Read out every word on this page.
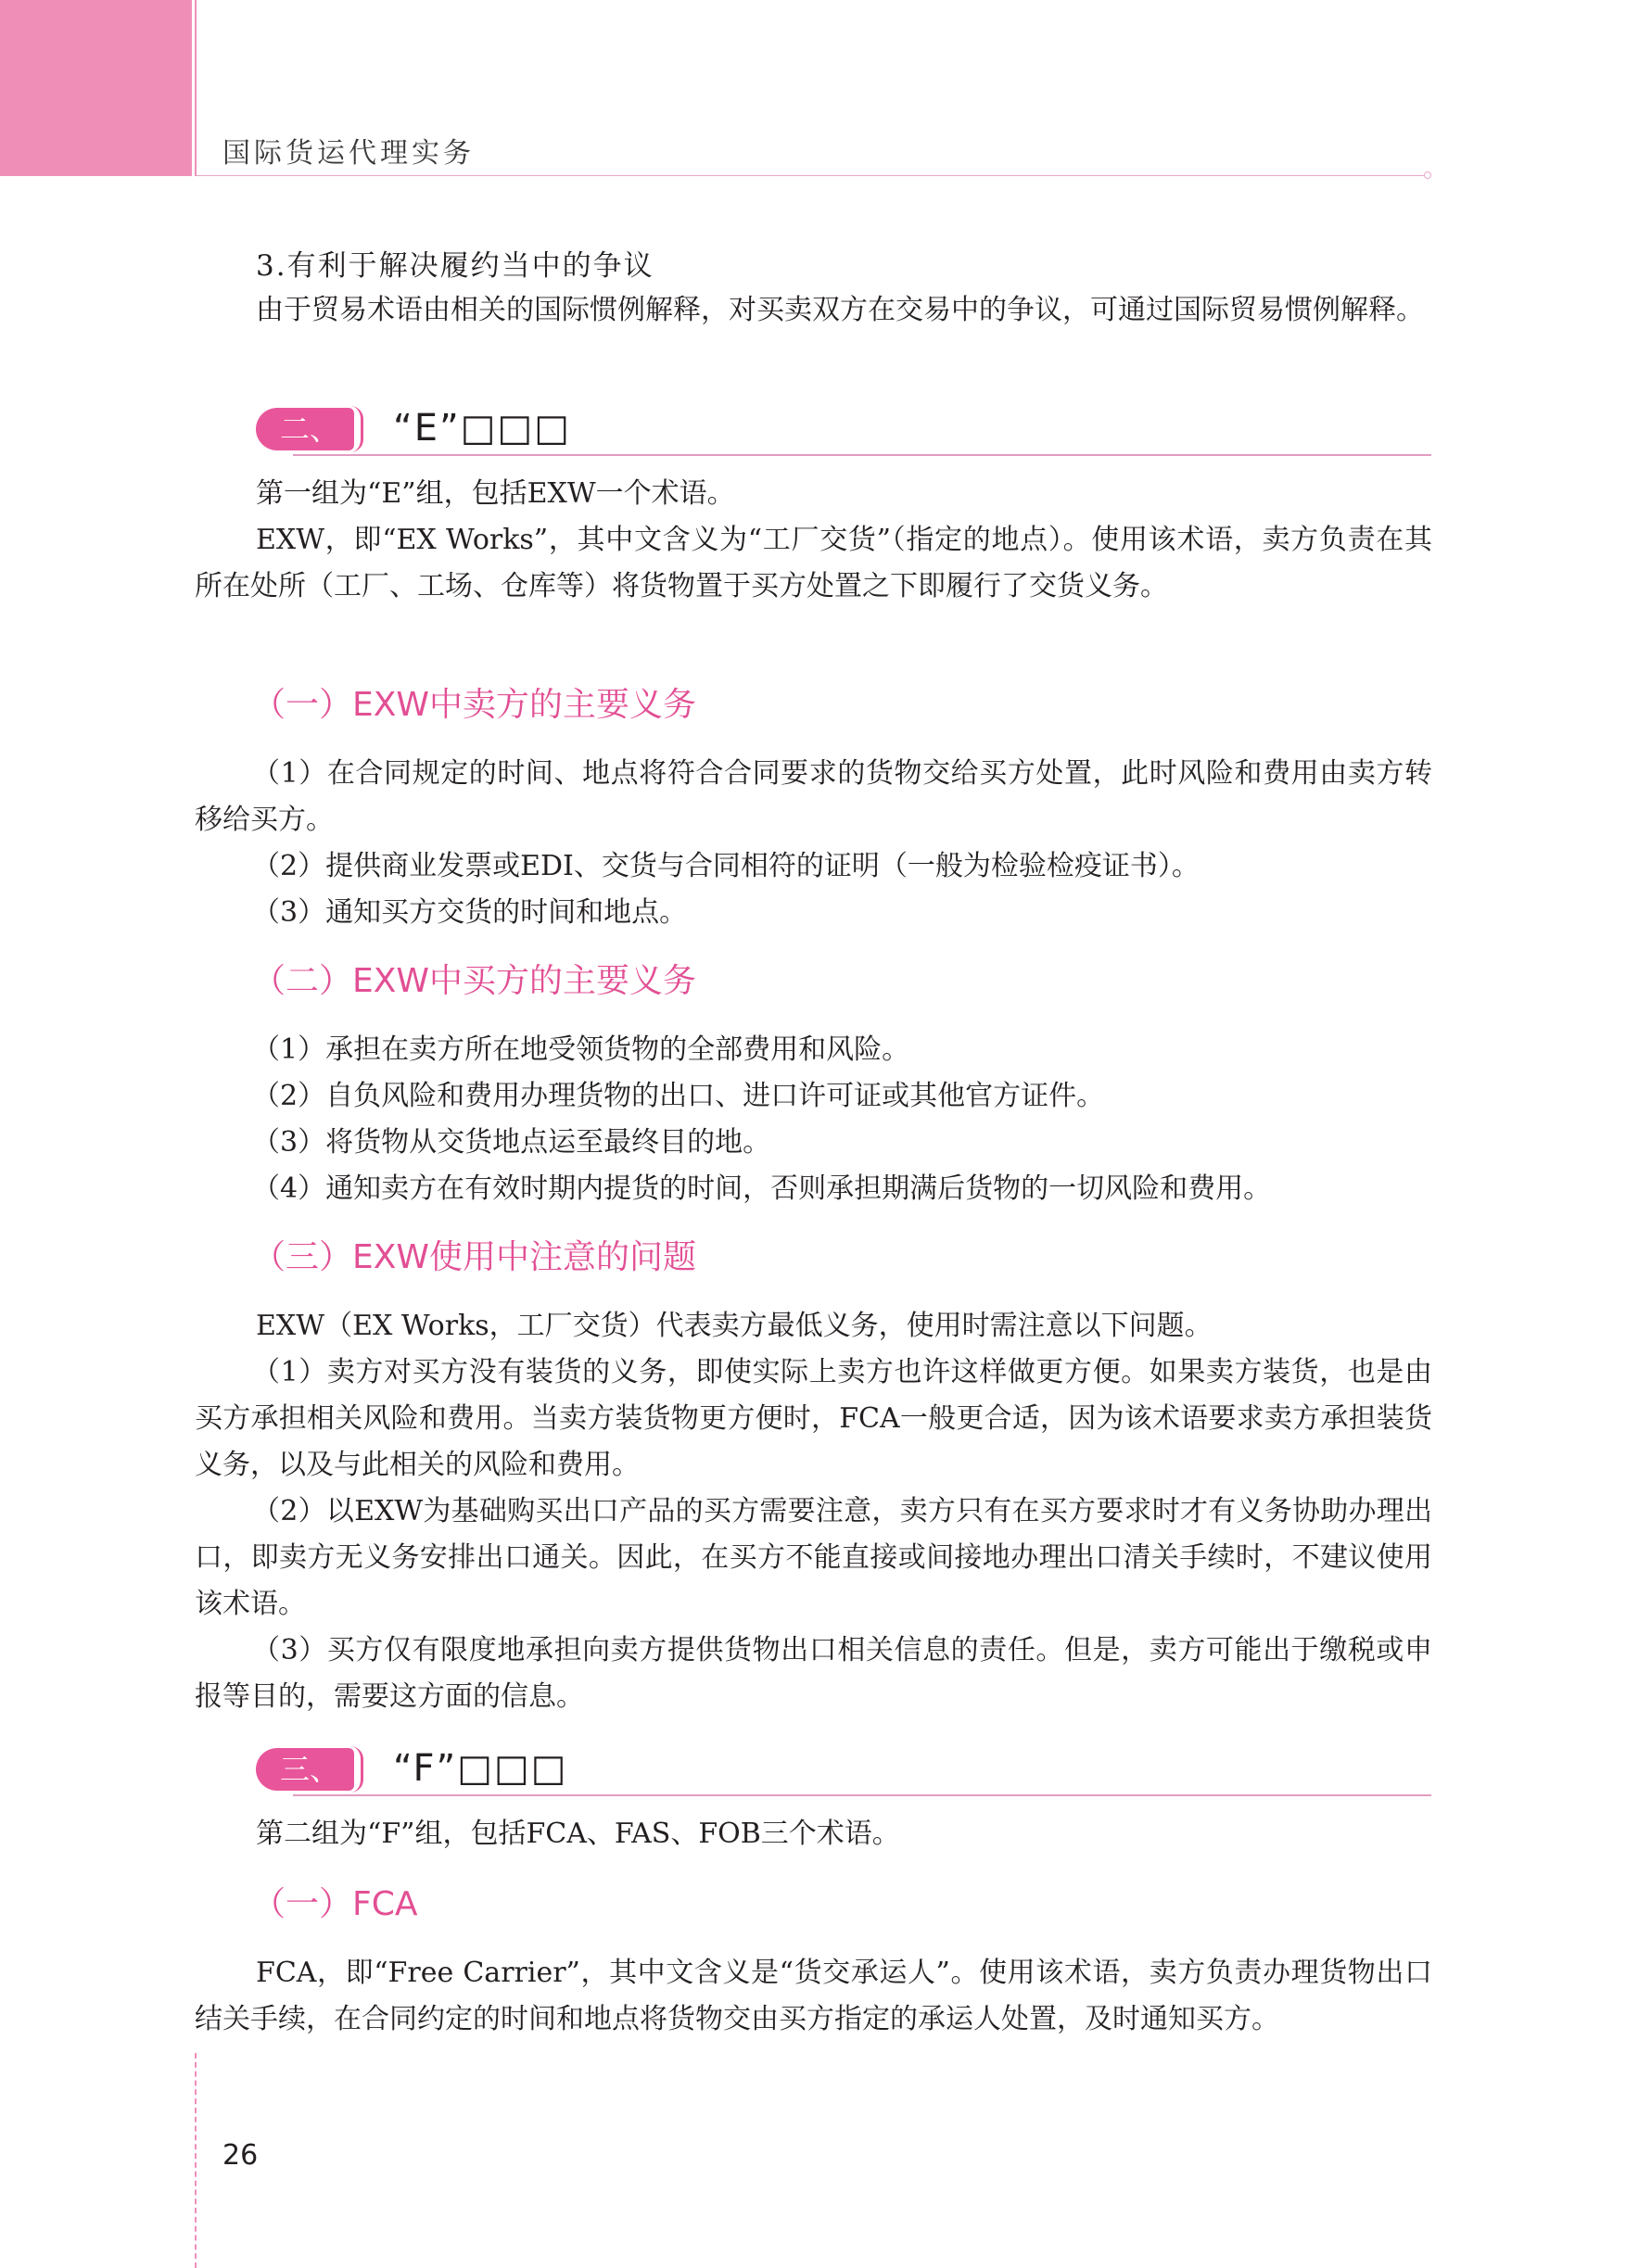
国际货运代理实务
3.有利于解决履约当中的争议

由于贸易术语由相关的国际惯例解释，对买卖双方在交易中的争议，可通过国际贸易惯例解释。

二、	“E”□□□

第一组为“E”组，包括EXW一个术语。

EXW，即“EX Works”，其中文含义为“工厂交货”（指定的地点）。使用该术语，卖方负责在其所在处所（工厂、工场、仓库等）将货物置于买方处置之下即履行了交货义务。

（一）EXW中卖方的主要义务

（1）在合同规定的时间、地点将符合合同要求的货物交给买方处置，此时风险和费用由卖方转移给买方。

（2）提供商业发票或EDI、交货与合同相符的证明（一般为检验检疫证书）。

（3）通知买方交货的时间和地点。

（二）EXW中买方的主要义务

（1）承担在卖方所在地受领货物的全部费用和风险。

（2）自负风险和费用办理货物的出口、进口许可证或其他官方证件。

（3）将货物从交货地点运至最终目的地。

（4）通知卖方在有效时期内提货的时间，否则承担期满后货物的一切风险和费用。

（三）EXW使用中注意的问题

EXW（EX Works，工厂交货）代表卖方最低义务，使用时需注意以下问题。

（1）卖方对买方没有装货的义务，即使实际上卖方也许这样做更方便。如果卖方装货，也是由买方承担相关风险和费用。当卖方装货物更方便时，FCA一般更合适，因为该术语要求卖方承担装货义务，以及与此相关的风险和费用。

（2）以EXW为基础购买出口产品的买方需要注意，卖方只有在买方要求时才有义务协助办理出口，即卖方无义务安排出口通关。因此，在买方不能直接或间接地办理出口清关手续时，不建议使用该术语。

（3）买方仅有限度地承担向卖方提供货物出口相关信息的责任。但是，卖方可能出于缴税或申报等目的，需要这方面的信息。

三、	“F”□□□

第二组为“F”组，包括FCA、FAS、FOB三个术语。

（一）FCA

FCA，即“Free Carrier”，其中文含义是“货交承运人”。使用该术语，卖方负责办理货物出口结关手续，在合同约定的时间和地点将货物交由买方指定的承运人处置，及时通知买方。

26
